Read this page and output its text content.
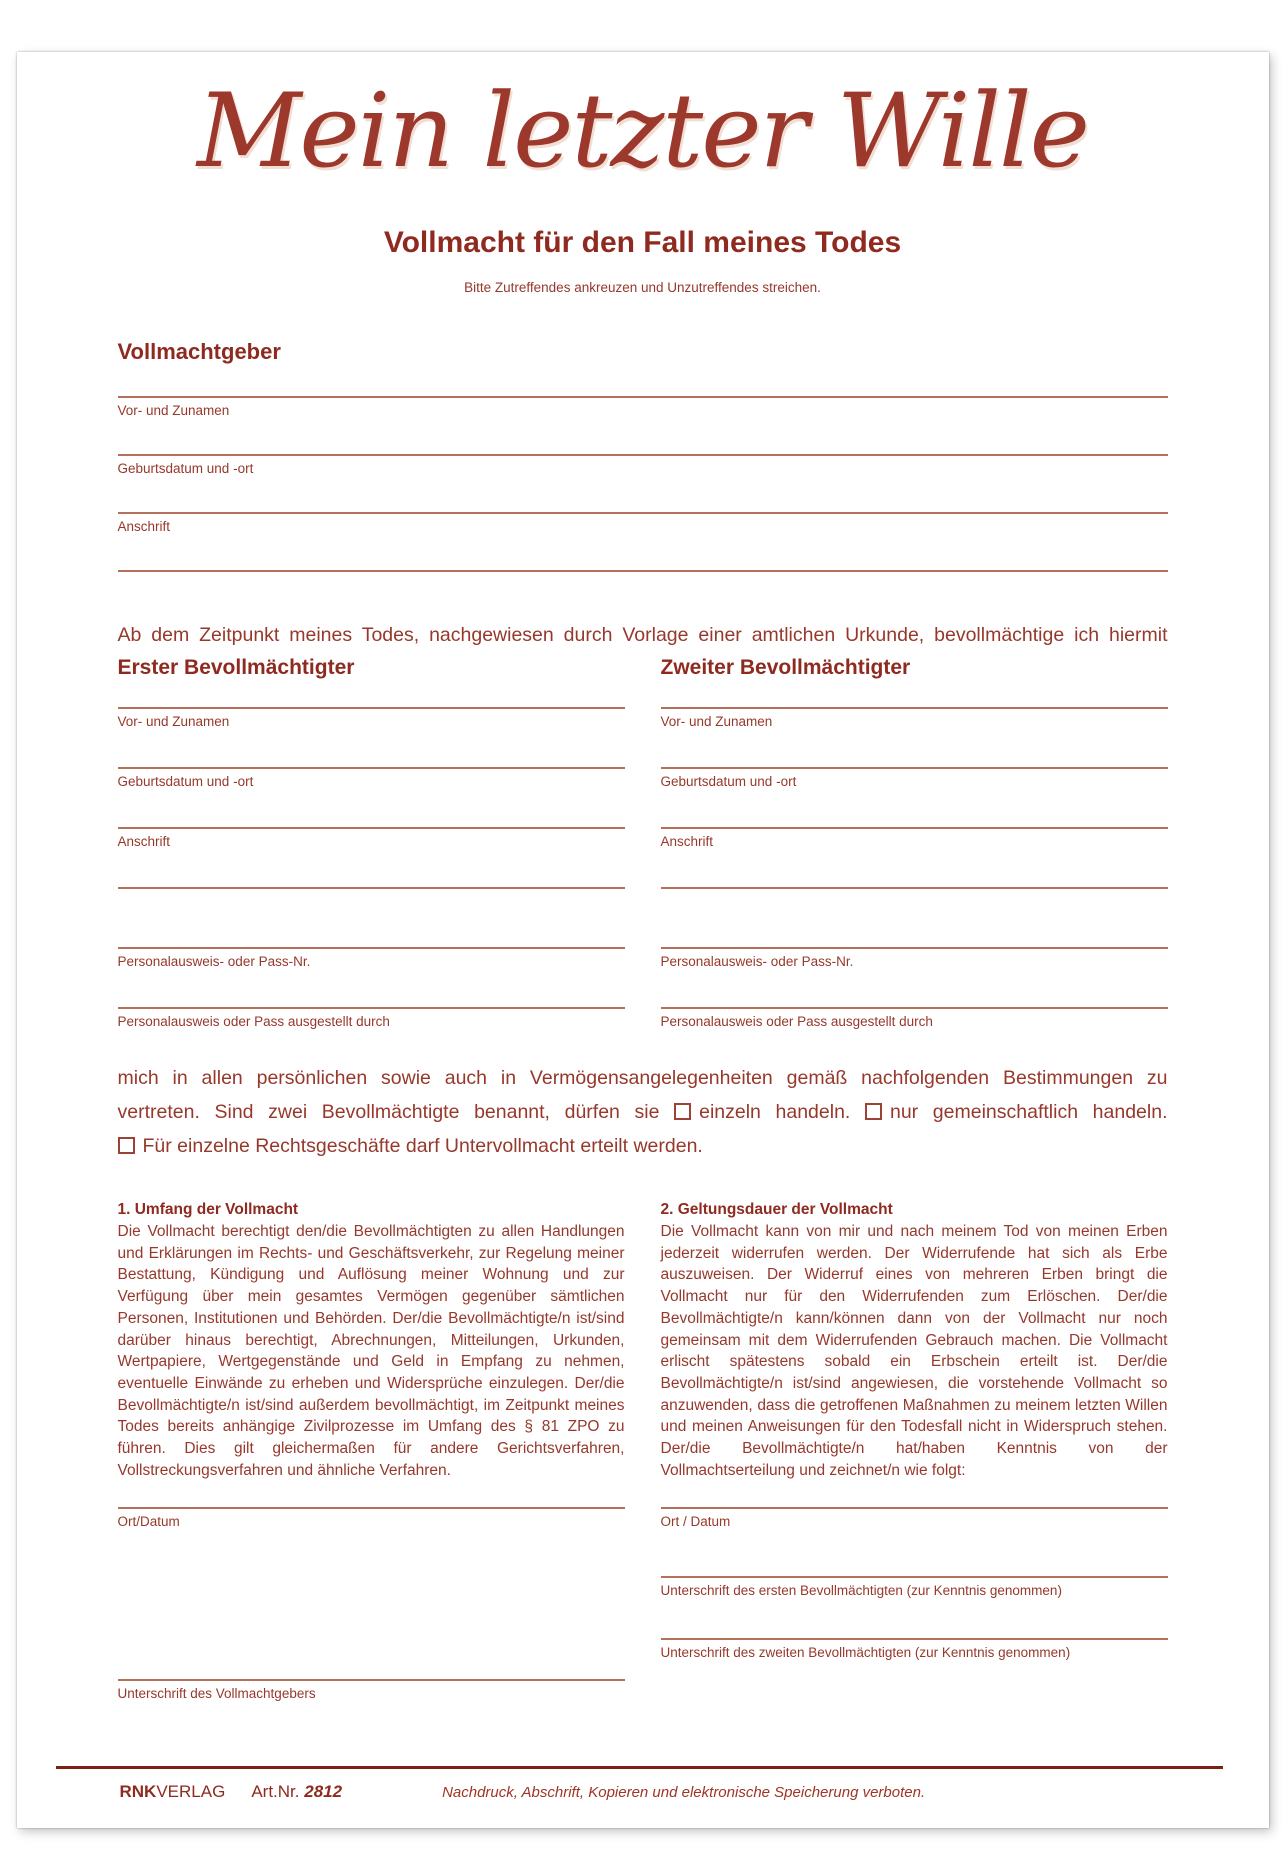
Mein letzter Wille
Vollmacht für den Fall meines Todes
Bitte Zutreffendes ankreuzen und Unzutreffendes streichen.
Vollmachtgeber
Vor- und Zunamen
Geburtsdatum und -ort
Anschrift
Ab dem Zeitpunkt meines Todes, nachgewiesen durch Vorlage einer amtlichen Urkunde, bevollmächtige ich hiermit
Erster Bevollmächtigter	Zweiter Bevollmächtigter
Vor- und Zunamen	Vor- und Zunamen
Geburtsdatum und -ort	Geburtsdatum und -ort
Anschrift	Anschrift
Personalausweis- oder Pass-Nr.	Personalausweis- oder Pass-Nr.
Personalausweis oder Pass ausgestellt durch	Personalausweis oder Pass ausgestellt durch
mich in allen persönlichen sowie auch in Vermögensangelegenheiten gemäß nachfolgenden Bestimmungen zu
vertreten. Sind zwei Bevollmächtigte benannt, dürfen sie einzeln handeln. nur gemeinschaftlich handeln.
Für einzelne Rechtsgeschäfte darf Untervollmacht erteilt werden.
1. Umfang der Vollmacht
Die Vollmacht berechtigt den/die Bevollmächtigten zu allen Handlungen und Erklärungen im Rechts- und Geschäftsverkehr, zur Regelung meiner Bestattung, Kündigung und Auflösung meiner Wohnung und zur Verfügung über mein gesamtes Vermögen gegenüber sämtlichen Personen, Institutionen und Behörden. Der/die Bevollmächtigte/n ist/sind darüber hinaus berechtigt, Abrechnungen, Mitteilungen, Urkunden, Wertpapiere, Wertgegenstände und Geld in Empfang zu nehmen, eventuelle Einwände zu erheben und Widersprüche einzulegen. Der/die Bevollmächtigte/n ist/sind außerdem bevollmächtigt, im Zeitpunkt meines Todes bereits anhängige Zivilprozesse im Umfang des § 81 ZPO zu führen. Dies gilt gleichermaßen für andere Gerichtsverfahren, Vollstreckungsverfahren und ähnliche Verfahren.
2. Geltungsdauer der Vollmacht
Die Vollmacht kann von mir und nach meinem Tod von meinen Erben jederzeit widerrufen werden. Der Widerrufende hat sich als Erbe auszuweisen. Der Widerruf eines von mehreren Erben bringt die Vollmacht nur für den Widerrufenden zum Erlöschen. Der/die Bevollmächtigte/n kann/können dann von der Vollmacht nur noch gemeinsam mit dem Widerrufenden Gebrauch machen. Die Vollmacht erlischt spätestens sobald ein Erbschein erteilt ist. Der/die Bevollmächtigte/n ist/sind angewiesen, die vorstehende Vollmacht so anzuwenden, dass die getroffenen Maßnahmen zu meinem letzten Willen und meinen Anweisungen für den Todesfall nicht in Widerspruch stehen. Der/die Bevollmächtigte/n hat/haben Kenntnis von der Vollmachtserteilung und zeichnet/n wie folgt:
Ort/Datum
Unterschrift des Vollmachtgebers
Ort / Datum
Unterschrift des ersten Bevollmächtigten (zur Kenntnis genommen)
Unterschrift des zweiten Bevollmächtigten (zur Kenntnis genommen)
RNKVERLAG Art.Nr. 2812	Nachdruck, Abschrift, Kopieren und elektronische Speicherung verboten.
